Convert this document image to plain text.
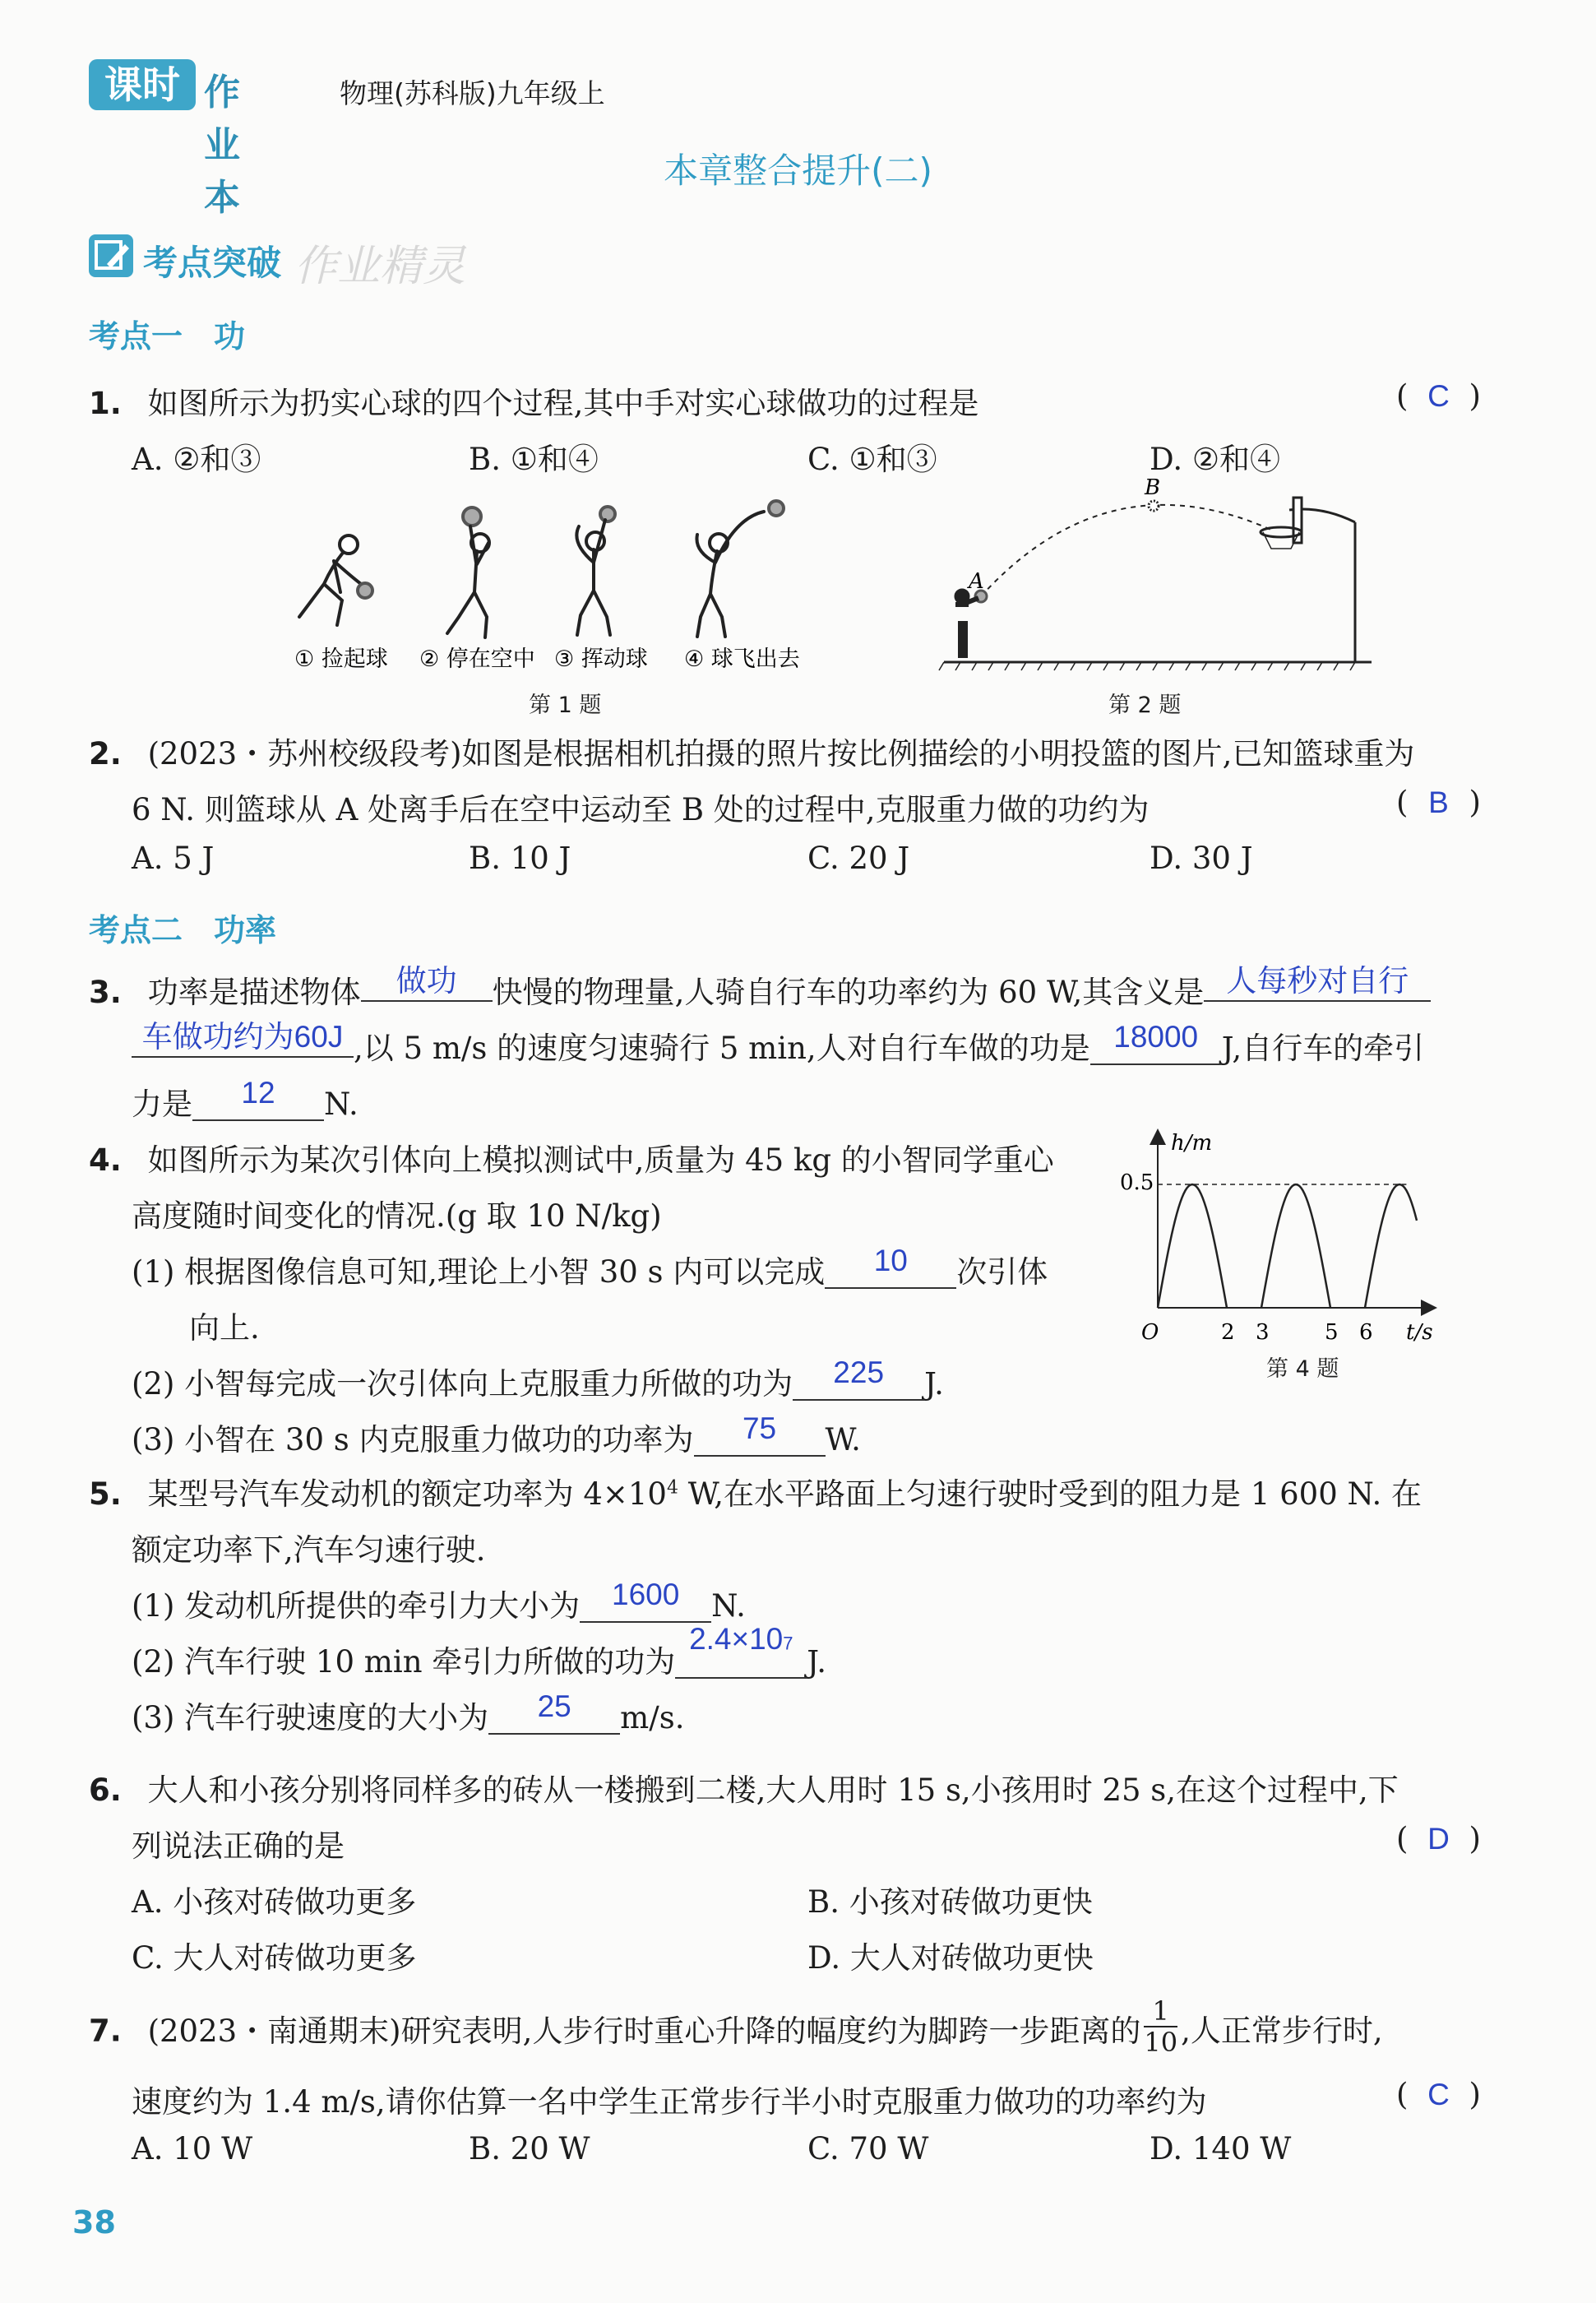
课时 作业本
物理(苏科版)九年级上
本章整合提升(二)
考点突破 作业精灵
考点一　功
1. 如图所示为扔实心球的四个过程,其中手对实心球做功的过程是	( C )
A. ②和③	B. ①和④	C. ①和③	D. ②和④
① 捡起球 ② 停在空中 ③ 挥动球 ④ 球飞出去
第 1 题
A
B
第 2 题
2. (2023・苏州校级段考)如图是根据相机拍摄的照片按比例描绘的小明投篮的图片,已知篮球重为
6 N. 则篮球从 A 处离手后在空中运动至 B 处的过程中,克服重力做的功约为	( B )
A. 5 J	B. 10 J	C. 20 J	D. 30 J
考点二　功率
3. 功率是描述物体 做功 快慢的物理量,人骑自行车的功率约为 60 W,其含义是 人每秒对自行
车做功约为60J ,以 5 m/s 的速度匀速骑行 5 min,人对自行车做的功是 18000 J,自行车的牵引
力是 12 N.
4. 如图所示为某次引体向上模拟测试中,质量为 45 kg 的小智同学重心
高度随时间变化的情况.(g 取 10 N/kg)
(1) 根据图像信息可知,理论上小智 30 s 内可以完成 10 次引体
向上.
(2) 小智每完成一次引体向上克服重力所做的功为 225 J.
(3) 小智在 30 s 内克服重力做功的功率为 75 W.
2 3	5 6
h/m
t/s
0.5
O
第 4 题
5. 某型号汽车发动机的额定功率为 $4\times 10^4$ W,在水平路面上匀速行驶时受到的阻力是 1 600 N. 在
额定功率下,汽车匀速行驶.
(1) 发动机所提供的牵引力大小为 1600 N.
(2) 汽车行驶 10 min 牵引力所做的功为$2.4\times 10^7J$.
(3) 汽车行驶速度的大小为 25 m/s.
6. 大人和小孩分别将同样多的砖从一楼搬到二楼,大人用时 15 s,小孩用时 25 s,在这个过程中,下
列说法正确的是	( D )
A. 小孩对砖做功更多	B. 小孩对砖做功更快
C. 大人对砖做功更多	D. 大人对砖做功更快
7. (2023・南通期末)研究表明,人步行时重心升降的幅度约为脚跨一步距离的 $\frac{1}{10}$ ,人正常步行时,
速度约为 1.4 m/s,请你估算一名中学生正常步行半小时克服重力做功的功率约为	( C )
A. 10 W	B. 20 W	C. 70 W	D. 140 W
38
